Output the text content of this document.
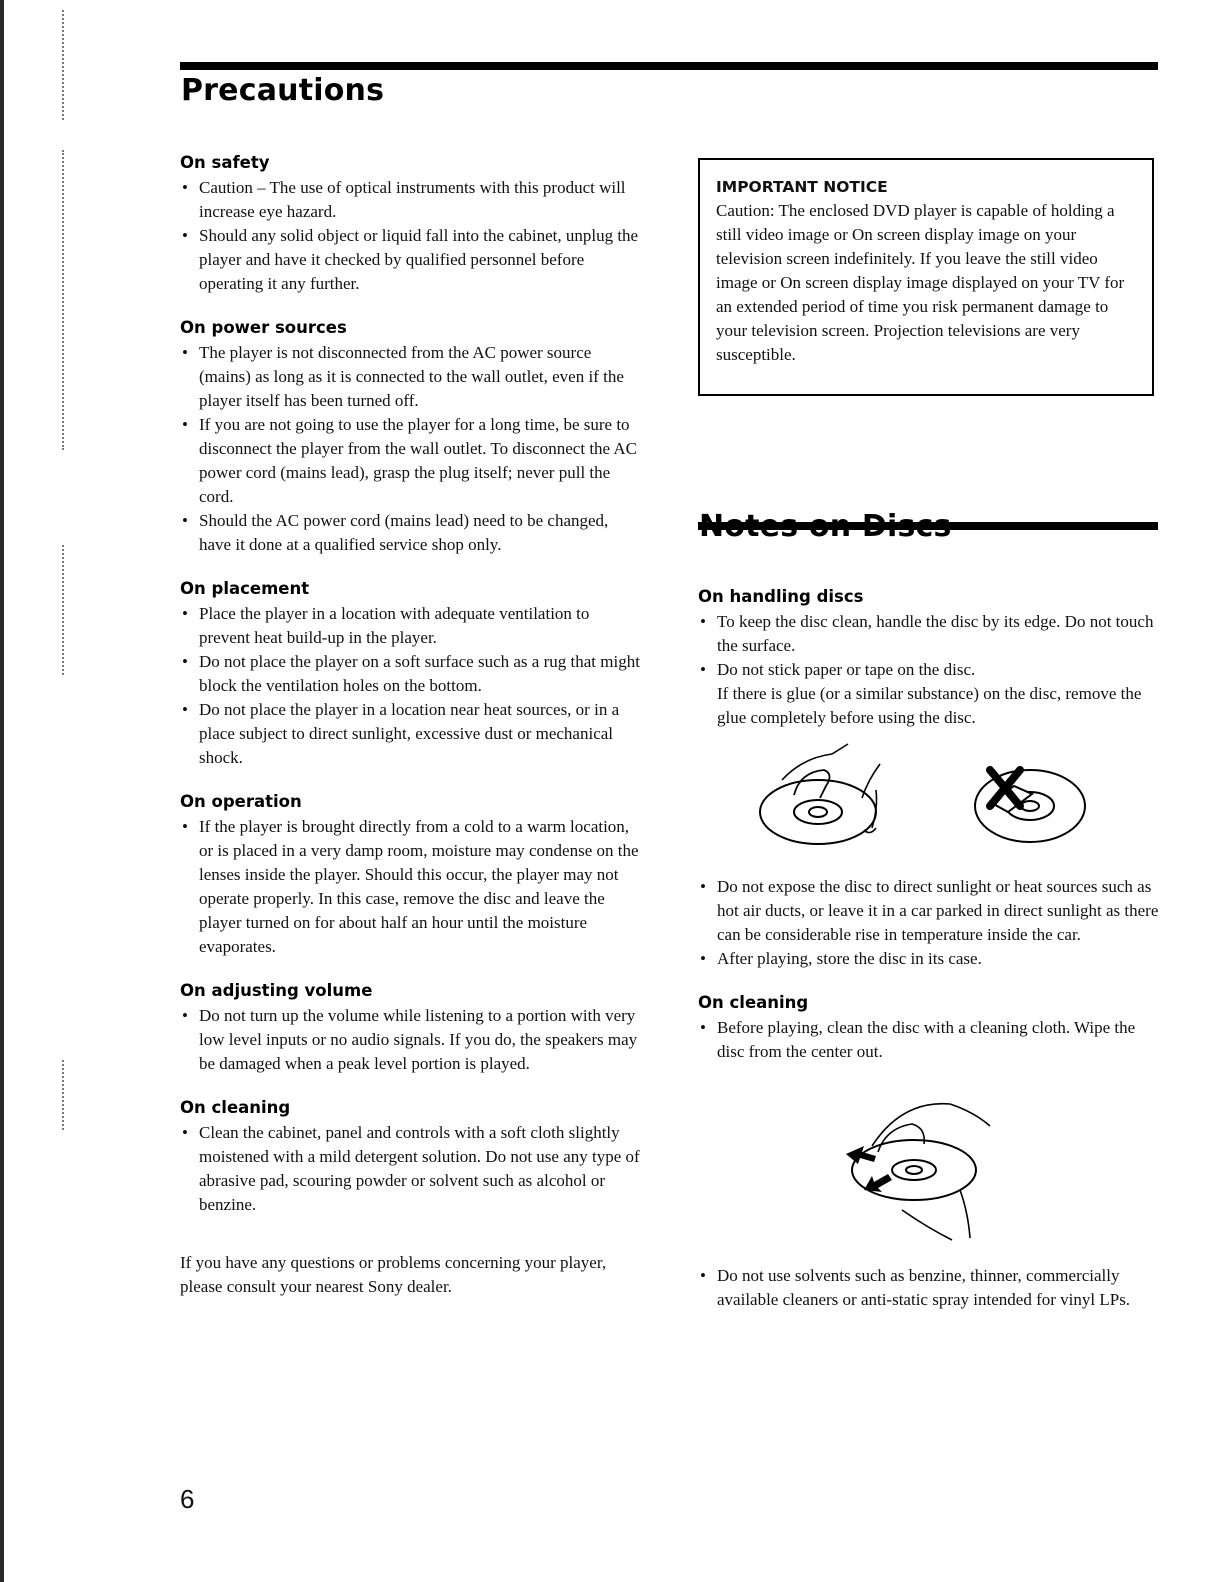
Precautions
On safety
• Caution – The use of optical instruments with this product will increase eye hazard.
• Should any solid object or liquid fall into the cabinet, unplug the player and have it checked by qualified personnel before operating it any further.
On power sources
• The player is not disconnected from the AC power source (mains) as long as it is connected to the wall outlet, even if the player itself has been turned off.
• If you are not going to use the player for a long time, be sure to disconnect the player from the wall outlet. To disconnect the AC power cord (mains lead), grasp the plug itself; never pull the cord.
• Should the AC power cord (mains lead) need to be changed, have it done at a qualified service shop only.
On placement
• Place the player in a location with adequate ventilation to prevent heat build-up in the player.
• Do not place the player on a soft surface such as a rug that might block the ventilation holes on the bottom.
• Do not place the player in a location near heat sources, or in a place subject to direct sunlight, excessive dust or mechanical shock.
On operation
• If the player is brought directly from a cold to a warm location, or is placed in a very damp room, moisture may condense on the lenses inside the player. Should this occur, the player may not operate properly. In this case, remove the disc and leave the player turned on for about half an hour until the moisture evaporates.
On adjusting volume
• Do not turn up the volume while listening to a portion with very low level inputs or no audio signals. If you do, the speakers may be damaged when a peak level portion is played.
On cleaning
• Clean the cabinet, panel and controls with a soft cloth slightly moistened with a mild detergent solution. Do not use any type of abrasive pad, scouring powder or solvent such as alcohol or benzine.

If you have any questions or problems concerning your player, please consult your nearest Sony dealer.

IMPORTANT NOTICE

Caution: The enclosed DVD player is capable of holding a still video image or On screen display image on your television screen indefinitely. If you leave the still video image or On screen display image displayed on your TV for an extended period of time you risk permanent damage to your television screen. Projection televisions are very susceptible.

Notes on Discs
On handling discs
• To keep the disc clean, handle the disc by its edge. Do not touch the surface.
• Do not stick paper or tape on the disc.
If there is glue (or a similar substance) on the disc, remove the glue completely before using the disc.
• Do not expose the disc to direct sunlight or heat sources such as hot air ducts, or leave it in a car parked in direct sunlight as there can be considerable rise in temperature inside the car.
• After playing, store the disc in its case.
On cleaning
• Before playing, clean the disc with a cleaning cloth. Wipe the disc from the center out.
• Do not use solvents such as benzine, thinner, commercially available cleaners or anti-static spray intended for vinyl LPs.
6
